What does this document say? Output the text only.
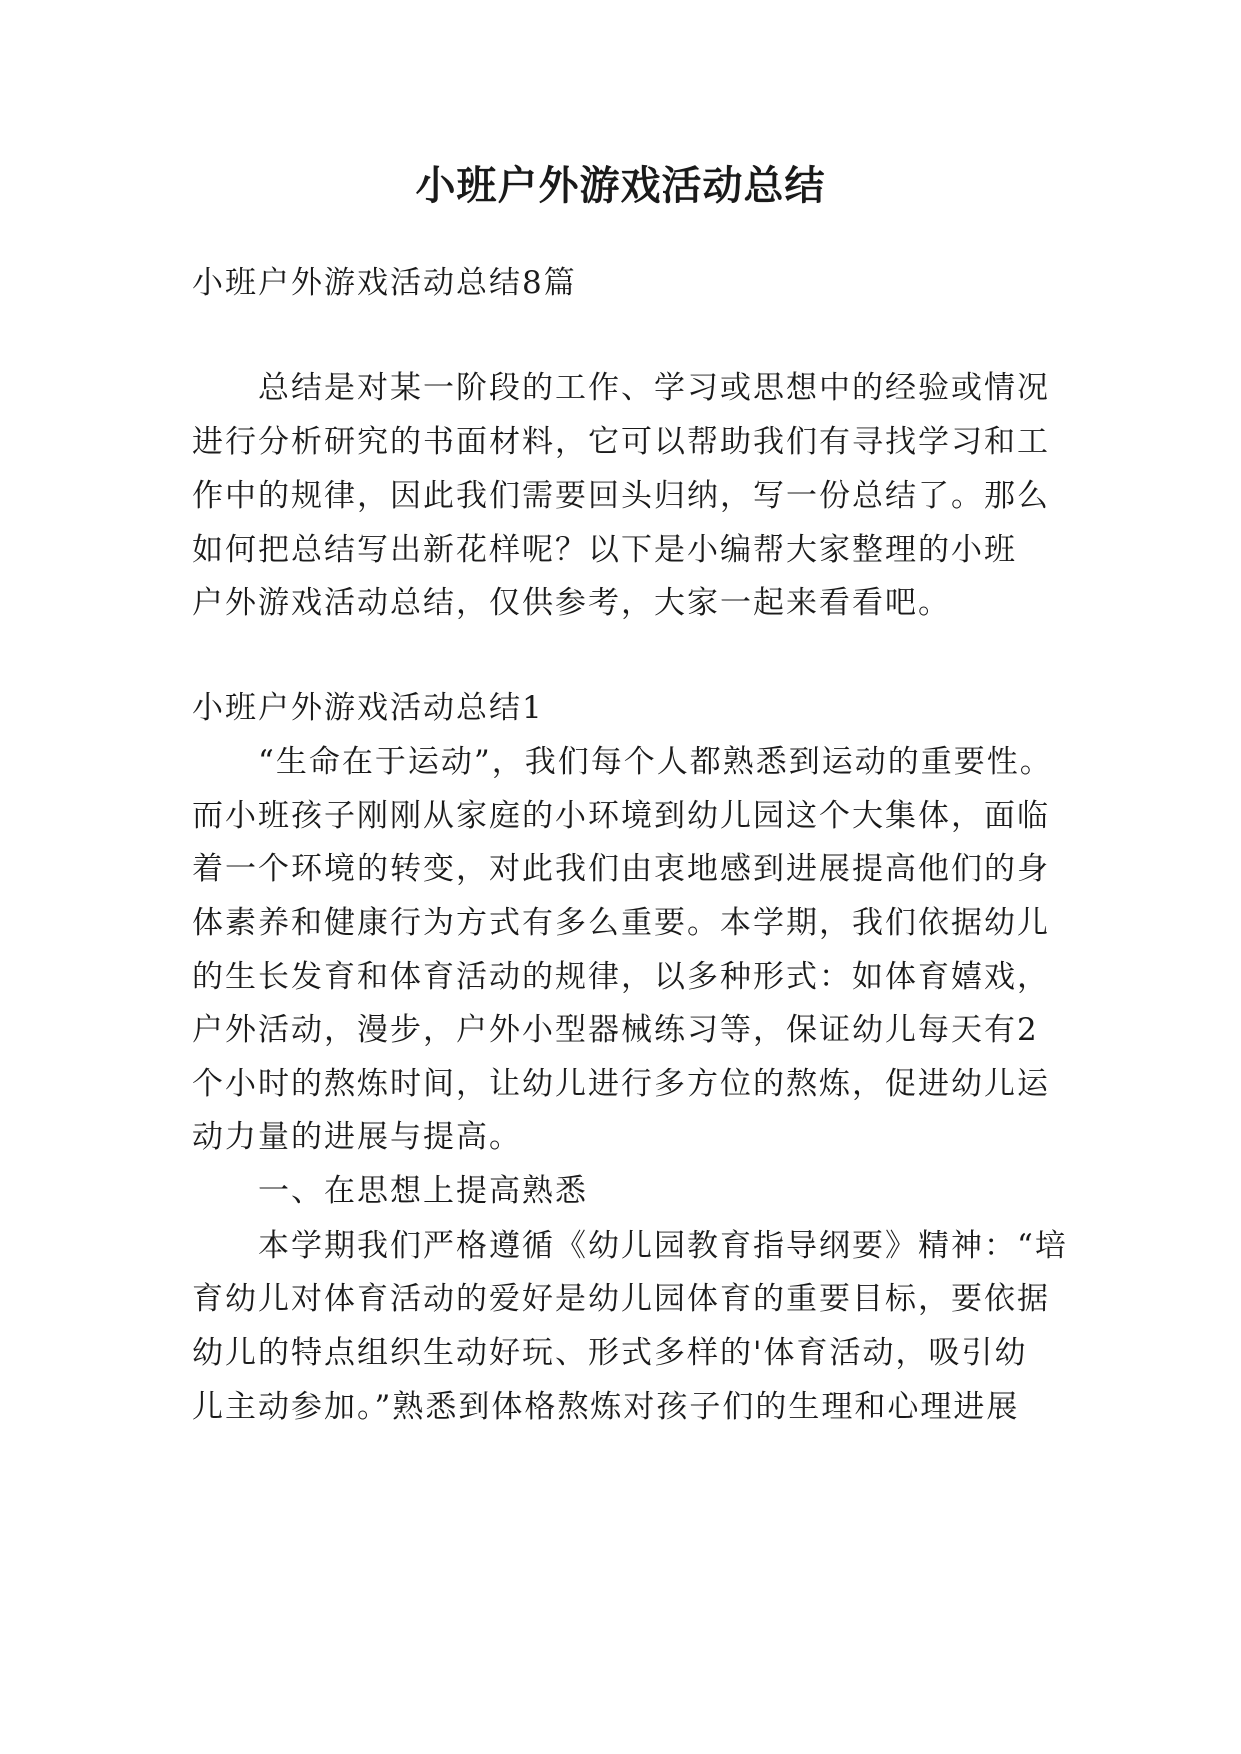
小班户外游戏活动总结

小班户外游戏活动总结8篇

总结是对某一阶段的工作、学习或思想中的经验或情况

进行分析研究的书面材料，它可以帮助我们有寻找学习和工

作中的规律，因此我们需要回头归纳，写一份总结了。那么

如何把总结写出新花样呢？以下是小编帮大家整理的小班

户外游戏活动总结，仅供参考，大家一起来看看吧。

小班户外游戏活动总结1

“生命在于运动”，我们每个人都熟悉到运动的重要性。

而小班孩子刚刚从家庭的小环境到幼儿园这个大集体，面临

着一个环境的转变，对此我们由衷地感到进展提高他们的身

体素养和健康行为方式有多么重要。本学期，我们依据幼儿

的生长发育和体育活动的规律，以多种形式：如体育嬉戏，

户外活动，漫步，户外小型器械练习等，保证幼儿每天有2

个小时的熬炼时间，让幼儿进行多方位的熬炼，促进幼儿运

动力量的进展与提高。

一、在思想上提高熟悉

本学期我们严格遵循《幼儿园教育指导纲要》精神：“培

育幼儿对体育活动的爱好是幼儿园体育的重要目标，要依据

幼儿的特点组织生动好玩、形式多样的'体育活动，吸引幼

儿主动参加。”熟悉到体格熬炼对孩子们的生理和心理进展
